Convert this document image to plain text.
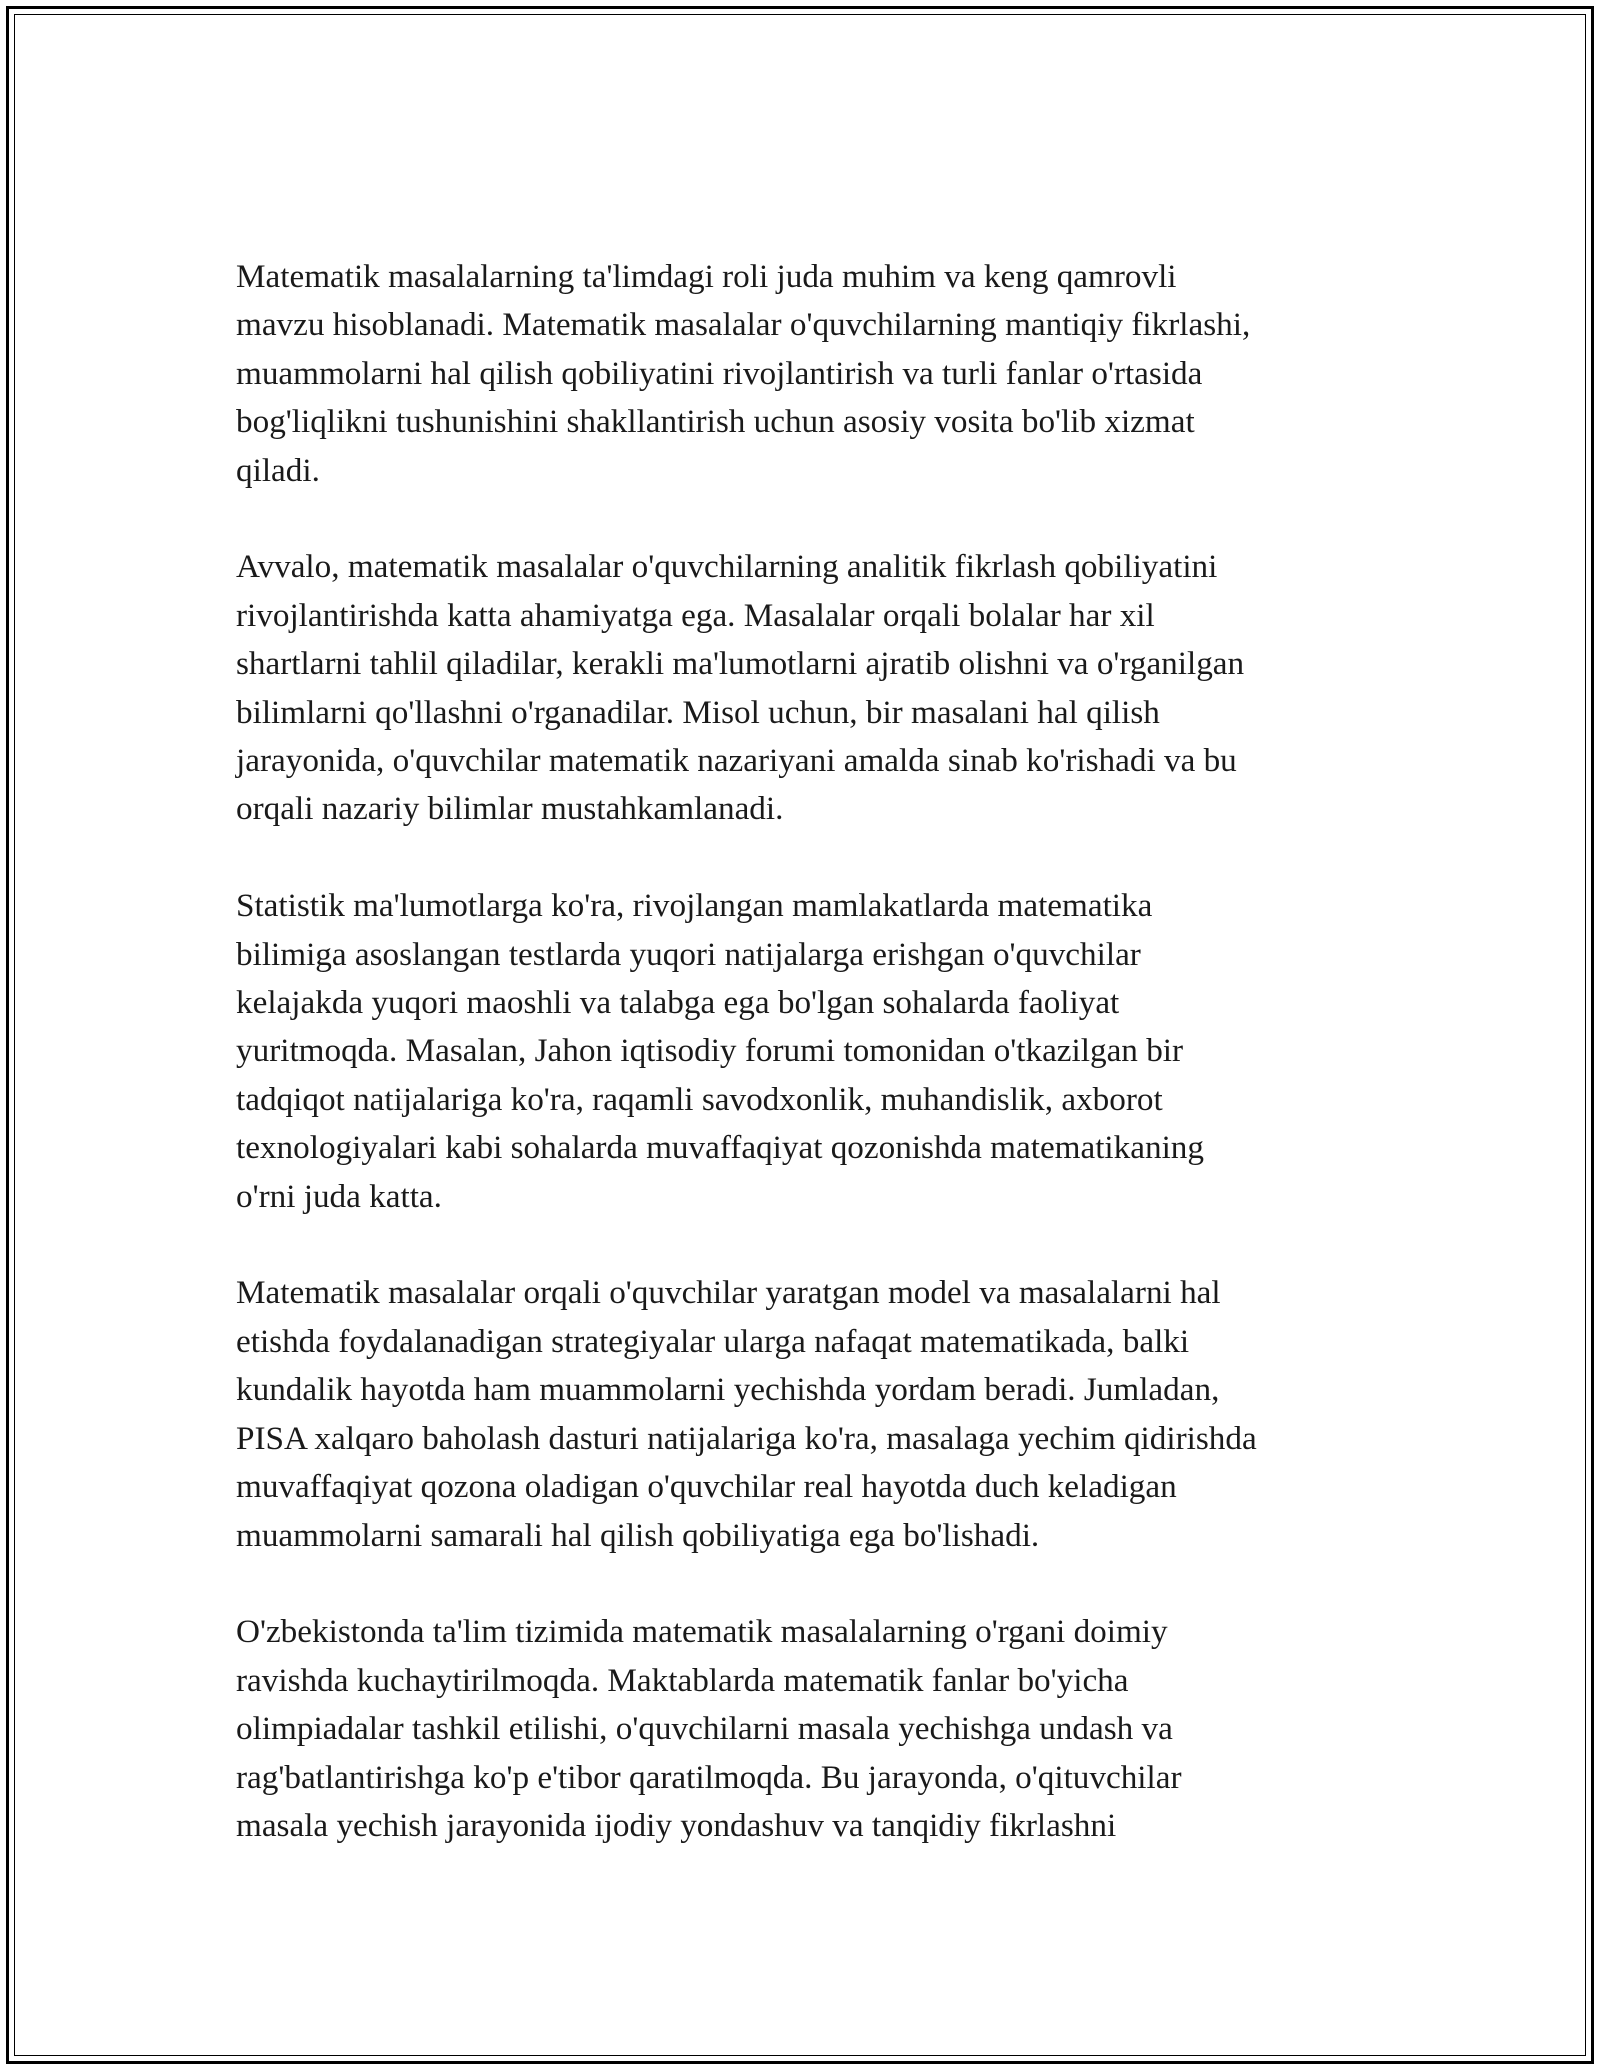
Matematik masalalarning ta'limdagi roli juda muhim va keng qamrovli
mavzu hisoblanadi. Matematik masalalar o'quvchilarning mantiqiy fikrlashi,
muammolarni hal qilish qobiliyatini rivojlantirish va turli fanlar o'rtasida
bog'liqlikni tushunishini shakllantirish uchun asosiy vosita bo'lib xizmat
qiladi.

Avvalo, matematik masalalar o'quvchilarning analitik fikrlash qobiliyatini
rivojlantirishda katta ahamiyatga ega. Masalalar orqali bolalar har xil
shartlarni tahlil qiladilar, kerakli ma'lumotlarni ajratib olishni va o'rganilgan
bilimlarni qo'llashni o'rganadilar. Misol uchun, bir masalani hal qilish
jarayonida, o'quvchilar matematik nazariyani amalda sinab ko'rishadi va bu
orqali nazariy bilimlar mustahkamlanadi.

Statistik ma'lumotlarga ko'ra, rivojlangan mamlakatlarda matematika
bilimiga asoslangan testlarda yuqori natijalarga erishgan o'quvchilar
kelajakda yuqori maoshli va talabga ega bo'lgan sohalarda faoliyat
yuritmoqda. Masalan, Jahon iqtisodiy forumi tomonidan o'tkazilgan bir
tadqiqot natijalariga ko'ra, raqamli savodxonlik, muhandislik, axborot
texnologiyalari kabi sohalarda muvaffaqiyat qozonishda matematikaning
o'rni juda katta.

Matematik masalalar orqali o'quvchilar yaratgan model va masalalarni hal
etishda foydalanadigan strategiyalar ularga nafaqat matematikada, balki
kundalik hayotda ham muammolarni yechishda yordam beradi. Jumladan,
PISA xalqaro baholash dasturi natijalariga ko'ra, masalaga yechim qidirishda
muvaffaqiyat qozona oladigan o'quvchilar real hayotda duch keladigan
muammolarni samarali hal qilish qobiliyatiga ega bo'lishadi.

O'zbekistonda ta'lim tizimida matematik masalalarning o'rgani doimiy
ravishda kuchaytirilmoqda. Maktablarda matematik fanlar bo'yicha
olimpiadalar tashkil etilishi, o'quvchilarni masala yechishga undash va
rag'batlantirishga ko'p e'tibor qaratilmoqda. Bu jarayonda, o'qituvchilar
masala yechish jarayonida ijodiy yondashuv va tanqidiy fikrlashni
